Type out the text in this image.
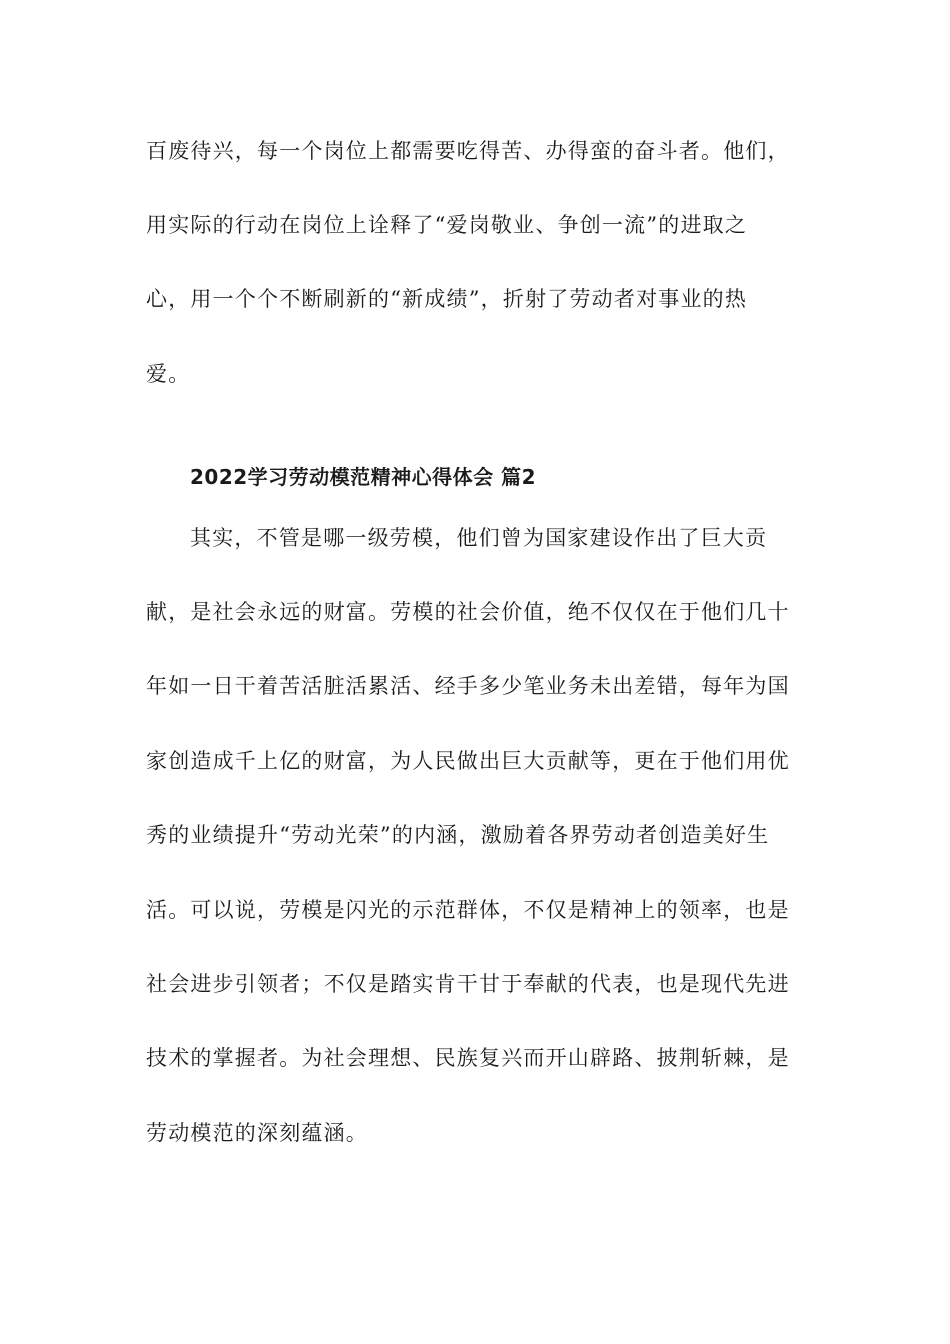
百废待兴，每一个岗位上都需要吃得苦、办得蛮的奋斗者。他们，
用实际的行动在岗位上诠释了“爱岗敬业、争创一流”的进取之
心，用一个个不断刷新的“新成绩”，折射了劳动者对事业的热
爱。
2022学习劳动模范精神心得体会 篇2
其实，不管是哪一级劳模，他们曾为国家建设作出了巨大贡
献，是社会永远的财富。劳模的社会价值，绝不仅仅在于他们几十
年如一日干着苦活脏活累活、经手多少笔业务未出差错，每年为国
家创造成千上亿的财富，为人民做出巨大贡献等，更在于他们用优
秀的业绩提升“劳动光荣”的内涵，激励着各界劳动者创造美好生
活。可以说，劳模是闪光的示范群体，不仅是精神上的领率，也是
社会进步引领者；不仅是踏实肯干甘于奉献的代表，也是现代先进
技术的掌握者。为社会理想、民族复兴而开山辟路、披荆斩棘，是
劳动模范的深刻蕴涵。
